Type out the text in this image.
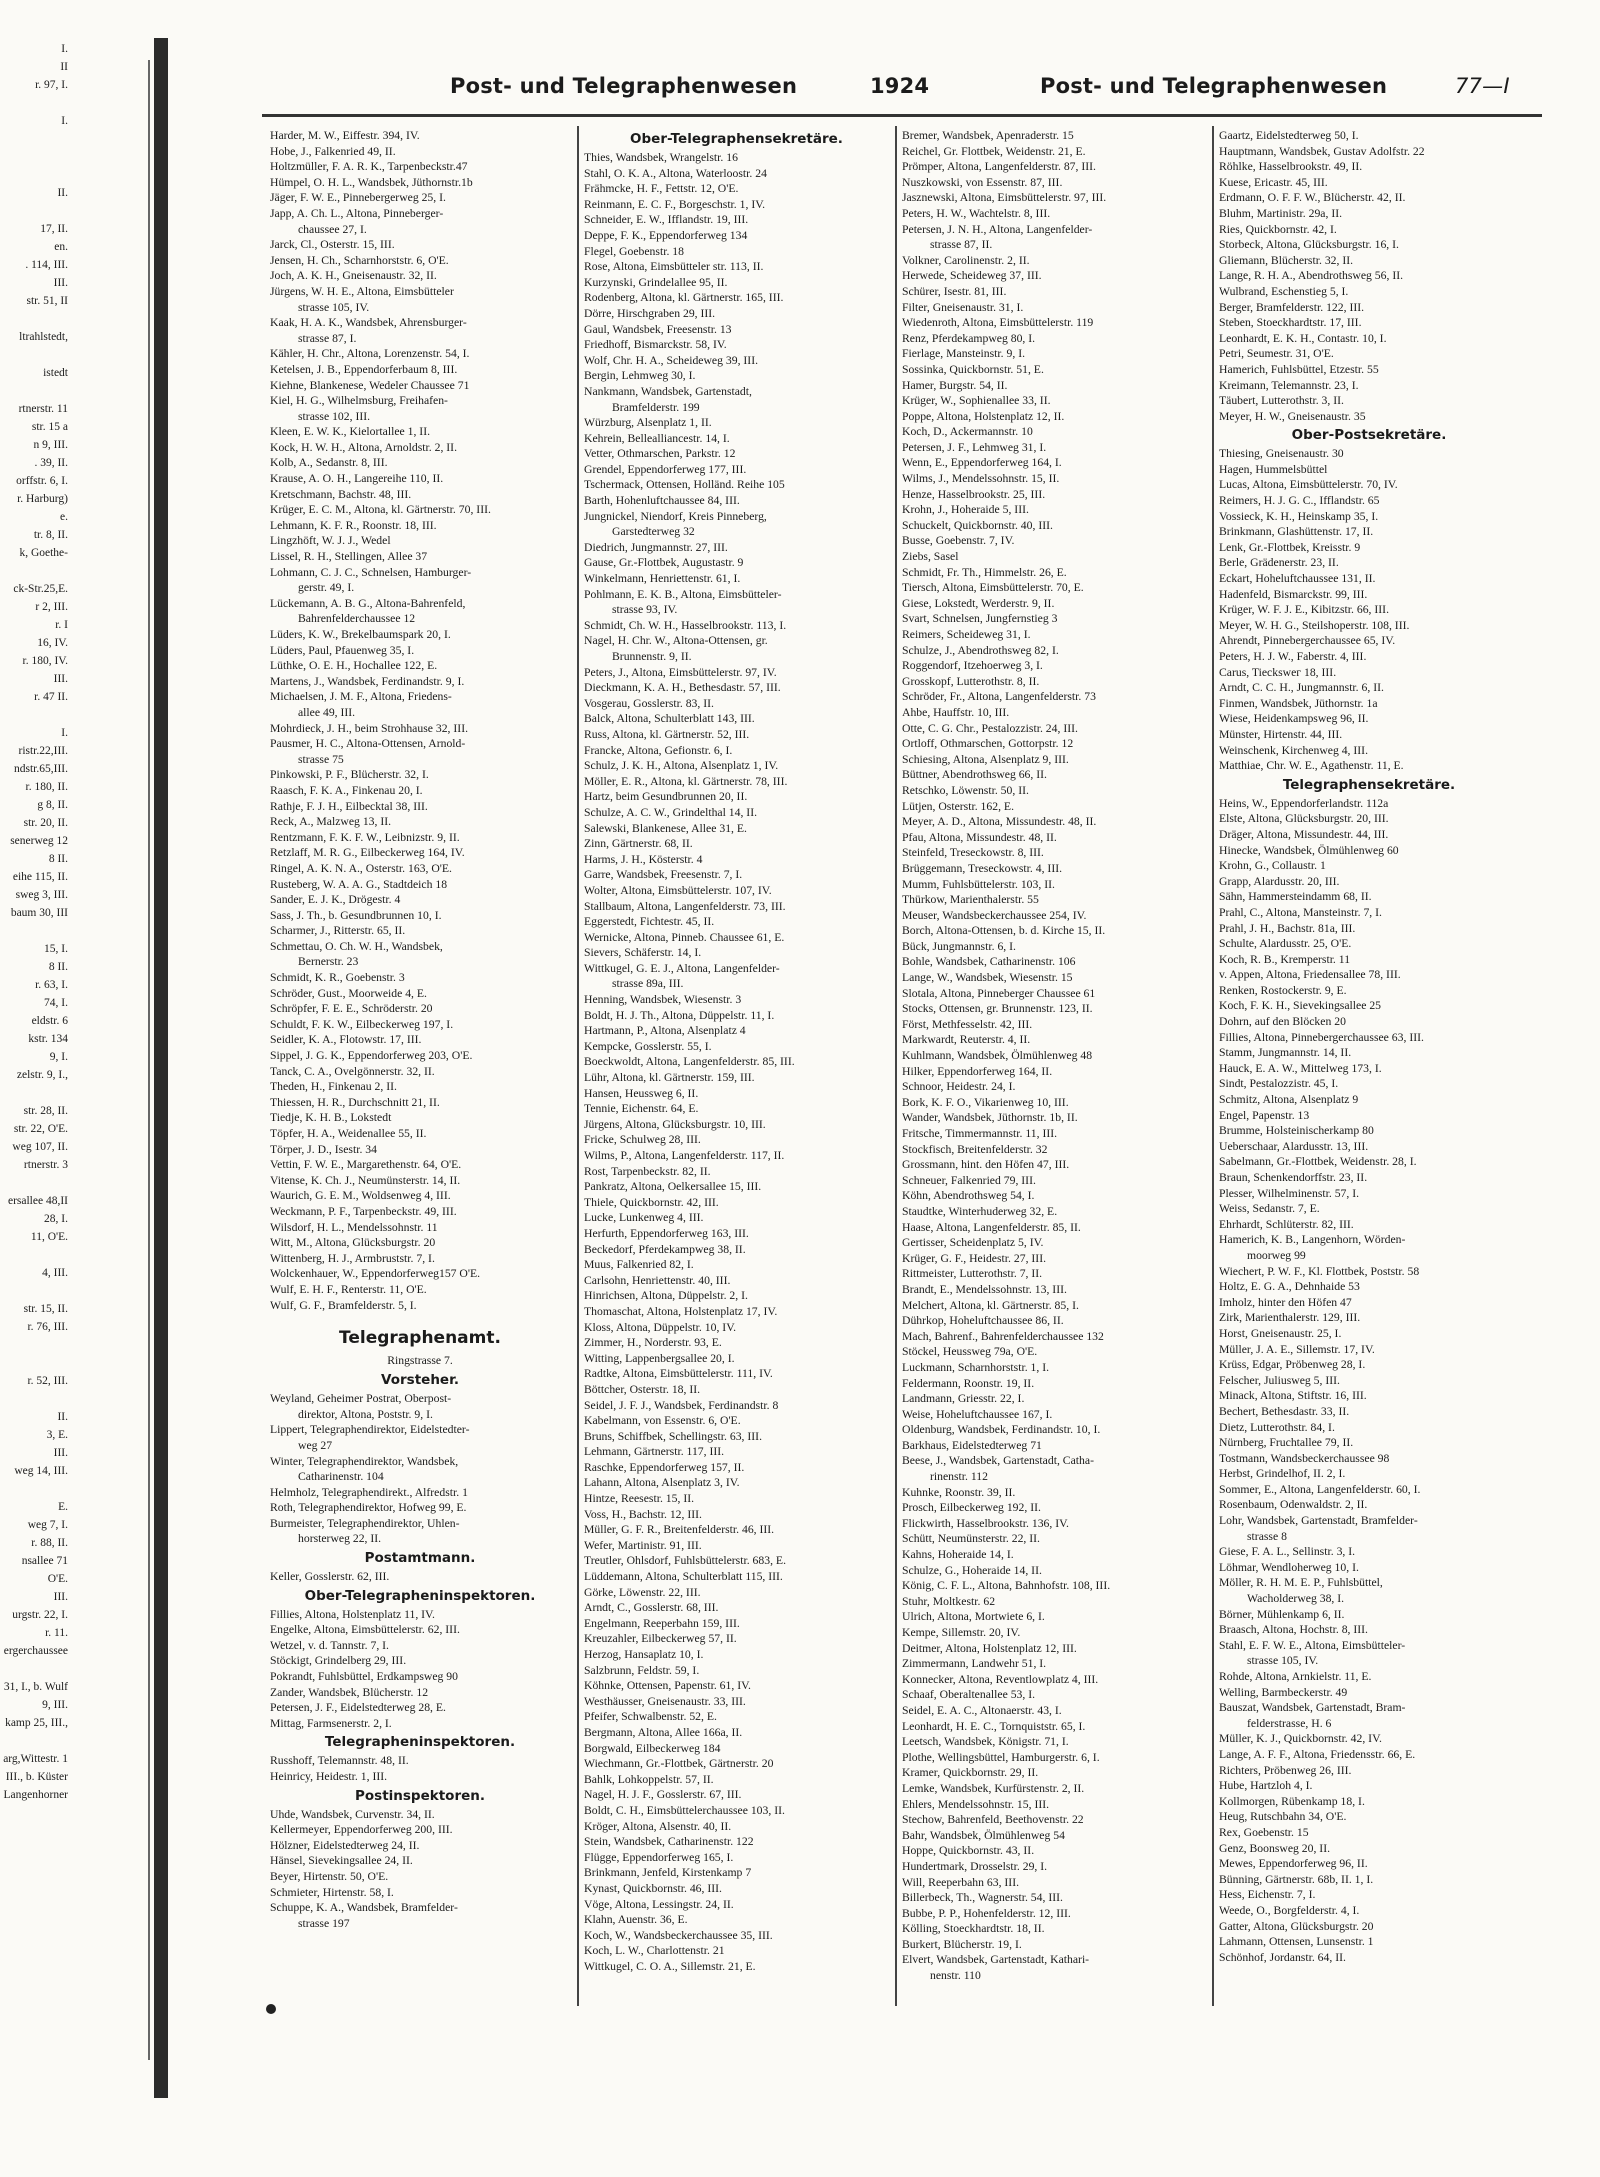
I.
II
r. 97, I.

I.

II.

17, II.
en.
. 114, III.
III.
str. 51, II

ltrahlstedt,

istedt

rtnerstr. 11
str. 15 a
n 9, III.
. 39, II.
orffstr. 6, I.
r. Harburg)
e.
tr. 8, II.
k, Goethe-

ck-Str.25,E.
r 2, III.
r. I
16, IV.
r. 180, IV.
III.
r. 47 II.

I.
ristr.22,III.
ndstr.65,III.
r. 180, II.
g 8, II.
str. 20, II.
senerweg 12
8 II.
eihe 115, II.
sweg 3, III.
baum 30, III

15, I.
8 II.
r. 63, I.
74, I.
eldstr. 6
kstr. 134
9, I.
zelstr. 9, I.,

str. 28, II.
str. 22, O'E.
weg 107, II.
rtnerstr. 3

ersallee 48,II
28, I.
11, O'E.

4, III.

str. 15, II.
r. 76, III.

r. 52, III.

II.
3, E.
III.
weg 14, III.

E.
weg 7, I.
r. 88, II.
nsallee 71
O'E.
III.
urgstr. 22, I.
r. 11.
ergerchaussee

31, I., b. Wulf
9, III.
kamp 25, III.,

arg,Wittestr. 1
III., b. Küster
Langenhorner
Post- und Telegraphenwesen	1924	Post- und Telegraphenwesen	77—I
Harder, M. W., Eiffestr. 394, IV.
Hobe, J., Falkenried 49, II.
Holtzmüller, F. A. R. K., Tarpenbeckstr.47
Hümpel, O. H. L., Wandsbek, Jüthornstr.1b
Jäger, F. W. E., Pinnebergerweg 25, I.
Japp, A. Ch. L., Altona, Pinneberger-
chaussee 27, I.
Jarck, Cl., Osterstr. 15, III.
Jensen, H. Ch., Scharnhorststr. 6, O'E.
Joch, A. K. H., Gneisenaustr. 32, II.
Jürgens, W. H. E., Altona, Eimsbütteler
strasse 105, IV.
Kaak, H. A. K., Wandsbek, Ahrensburger-
strasse 87, I.
Kähler, H. Chr., Altona, Lorenzenstr. 54, I.
Ketelsen, J. B., Eppendorferbaum 8, III.
Kiehne, Blankenese, Wedeler Chaussee 71
Kiel, H. G., Wilhelmsburg, Freihafen-
strasse 102, III.
Kleen, E. W. K., Kielortallee 1, II.
Kock, H. W. H., Altona, Arnoldstr. 2, II.
Kolb, A., Sedanstr. 8, III.
Krause, A. O. H., Langereihe 110, II.
Kretschmann, Bachstr. 48, III.
Krüger, E. C. M., Altona, kl. Gärtnerstr. 70, III.
Lehmann, K. F. R., Roonstr. 18, III.
Lingzhöft, W. J. J., Wedel
Lissel, R. H., Stellingen, Allee 37
Lohmann, C. J. C., Schnelsen, Hamburger-
gerstr. 49, I.
Lückemann, A. B. G., Altona-Bahrenfeld,
Bahrenfelderchaussee 12
Lüders, K. W., Brekelbaumspark 20, I.
Lüders, Paul, Pfauenweg 35, I.
Lüthke, O. E. H., Hochallee 122, E.
Martens, J., Wandsbek, Ferdinandstr. 9, I.
Michaelsen, J. M. F., Altona, Friedens-
allee 49, III.
Mohrdieck, J. H., beim Strohhause 32, III.
Pausmer, H. C., Altona-Ottensen, Arnold-
strasse 75
Pinkowski, P. F., Blücherstr. 32, I.
Raasch, F. K. A., Finkenau 20, I.
Rathje, F. J. H., Eilbecktal 38, III.
Reck, A., Malzweg 13, II.
Rentzmann, F. K. F. W., Leibnizstr. 9, II.
Retzlaff, M. R. G., Eilbeckerweg 164, IV.
Ringel, A. K. N. A., Osterstr. 163, O'E.
Rusteberg, W. A. A. G., Stadtdeich 18
Sander, E. J. K., Drögestr. 4
Sass, J. Th., b. Gesundbrunnen 10, I.
Scharmer, J., Ritterstr. 65, II.
Schmettau, O. Ch. W. H., Wandsbek,
Bernerstr. 23
Schmidt, K. R., Goebenstr. 3
Schröder, Gust., Moorweide 4, E.
Schröpfer, F. E. E., Schröderstr. 20
Schuldt, F. K. W., Eilbeckerweg 197, I.
Seidler, K. A., Flotowstr. 17, III.
Sippel, J. G. K., Eppendorferweg 203, O'E.
Tanck, C. A., Ovelgönnerstr. 32, II.
Theden, H., Finkenau 2, II.
Thiessen, H. R., Durchschnitt 21, II.
Tiedje, K. H. B., Lokstedt
Töpfer, H. A., Weidenallee 55, II.
Törper, J. D., Isestr. 34
Vettin, F. W. E., Margarethenstr. 64, O'E.
Vitense, K. Ch. J., Neumünsterstr. 14, II.
Waurich, G. E. M., Woldsenweg 4, III.
Weckmann, P. F., Tarpenbeckstr. 49, III.
Wilsdorf, H. L., Mendelssohnstr. 11
Witt, M., Altona, Glücksburgstr. 20
Wittenberg, H. J., Armbruststr. 7, I.
Wolckenhauer, W., Eppendorferweg157 O'E.
Wulf, E. H. F., Renterstr. 11, O'E.
Wulf, G. F., Bramfelderstr. 5, I.
Telegraphenamt.
Ringstrasse 7.
Vorsteher.
Weyland, Geheimer Postrat, Oberpost-
direktor, Altona, Poststr. 9, I.
Lippert, Telegraphendirektor, Eidelstedter-
weg 27
Winter, Telegraphendirektor, Wandsbek,
Catharinenstr. 104
Helmholz, Telegraphendirekt., Alfredstr. 1
Roth, Telegraphendirektor, Hofweg 99, E.
Burmeister, Telegraphendirektor, Uhlen-
horsterweg 22, II.
Postamtmann.
Keller, Gosslerstr. 62, III.
Ober-Telegrapheninspektoren.
Fillies, Altona, Holstenplatz 11, IV.
Engelke, Altona, Eimsbüttelerstr. 62, III.
Wetzel, v. d. Tannstr. 7, I.
Stöckigt, Grindelberg 29, III.
Pokrandt, Fuhlsbüttel, Erdkampsweg 90
Zander, Wandsbek, Blücherstr. 12
Petersen, J. F., Eidelstedterweg 28, E.
Mittag, Farmsenerstr. 2, I.
Telegrapheninspektoren.
Russhoff, Telemannstr. 48, II.
Heinricy, Heidestr. 1, III.
Postinspektoren.
Uhde, Wandsbek, Curvenstr. 34, II.
Kellermeyer, Eppendorferweg 200, III.
Hölzner, Eidelstedterweg 24, II.
Hänsel, Sievekingsallee 24, II.
Beyer, Hirtenstr. 50, O'E.
Schmieter, Hirtenstr. 58, I.
Schuppe, K. A., Wandsbek, Bramfelder-
strasse 197
Ober-Telegraphensekretäre.
Thies, Wandsbek, Wrangelstr. 16
Stahl, O. K. A., Altona, Waterloostr. 24
Frähmcke, H. F., Fettstr. 12, O'E.
Reinmann, E. C. F., Borgeschstr. 1, IV.
Schneider, E. W., Ifflandstr. 19, III.
Deppe, F. K., Eppendorferweg 134
Flegel, Goebenstr. 18
Rose, Altona, Eimsbütteler str. 113, II.
Kurzynski, Grindelallee 95, II.
Rodenberg, Altona, kl. Gärtnerstr. 165, III.
Dörre, Hirschgraben 29, III.
Gaul, Wandsbek, Freesenstr. 13
Friedhoff, Bismarckstr. 58, IV.
Wolf, Chr. H. A., Scheideweg 39, III.
Bergin, Lehmweg 30, I.
Nankmann, Wandsbek, Gartenstadt,
Bramfelderstr. 199
Würzburg, Alsenplatz 1, II.
Kehrein, Bellealliancestr. 14, I.
Vetter, Othmarschen, Parkstr. 12
Grendel, Eppendorferweg 177, III.
Tschermack, Ottensen, Holländ. Reihe 105
Barth, Hohenluftchaussee 84, III.
Jungnickel, Niendorf, Kreis Pinneberg,
Garstedterweg 32
Diedrich, Jungmannstr. 27, III.
Gause, Gr.-Flottbek, Augustastr. 9
Winkelmann, Henriettenstr. 61, I.
Pohlmann, E. K. B., Altona, Eimsbütteler-
strasse 93, IV.
Schmidt, Ch. W. H., Hasselbrookstr. 113, I.
Nagel, H. Chr. W., Altona-Ottensen, gr.
Brunnenstr. 9, II.
Peters, J., Altona, Eimsbüttelerstr. 97, IV.
Dieckmann, K. A. H., Bethesdastr. 57, III.
Vosgerau, Gosslerstr. 83, II.
Balck, Altona, Schulterblatt 143, III.
Russ, Altona, kl. Gärtnerstr. 52, III.
Francke, Altona, Gefionstr. 6, I.
Schulz, J. K. H., Altona, Alsenplatz 1, IV.
Möller, E. R., Altona, kl. Gärtnerstr. 78, III.
Hartz, beim Gesundbrunnen 20, II.
Schulze, A. C. W., Grindelthal 14, II.
Salewski, Blankenese, Allee 31, E.
Zinn, Gärtnerstr. 68, II.
Harms, J. H., Kösterstr. 4
Garre, Wandsbek, Freesenstr. 7, I.
Wolter, Altona, Eimsbüttelerstr. 107, IV.
Stallbaum, Altona, Langenfelderstr. 73, III.
Eggerstedt, Fichtestr. 45, II.
Wernicke, Altona, Pinneb. Chaussee 61, E.
Sievers, Schäferstr. 14, I.
Wittkugel, G. E. J., Altona, Langenfelder-
strasse 89a, III.
Henning, Wandsbek, Wiesenstr. 3
Boldt, H. J. Th., Altona, Düppelstr. 11, I.
Hartmann, P., Altona, Alsenplatz 4
Kempcke, Gosslerstr. 55, I.
Boeckwoldt, Altona, Langenfelderstr. 85, III.
Lühr, Altona, kl. Gärtnerstr. 159, III.
Hansen, Heussweg 6, II.
Tennie, Eichenstr. 64, E.
Jürgens, Altona, Glücksburgstr. 10, III.
Fricke, Schulweg 28, III.
Wilms, P., Altona, Langenfelderstr. 117, II.
Rost, Tarpenbeckstr. 82, II.
Pankratz, Altona, Oelkersallee 15, III.
Thiele, Quickbornstr. 42, III.
Lucke, Lunkenweg 4, III.
Herfurth, Eppendorferweg 163, III.
Beckedorf, Pferdekampweg 38, II.
Muus, Falkenried 82, I.
Carlsohn, Henriettenstr. 40, III.
Hinrichsen, Altona, Düppelstr. 2, I.
Thomaschat, Altona, Holstenplatz 17, IV.
Kloss, Altona, Düppelstr. 10, IV.
Zimmer, H., Norderstr. 93, E.
Witting, Lappenbergsallee 20, I.
Radtke, Altona, Eimsbüttelerstr. 111, IV.
Böttcher, Osterstr. 18, II.
Seidel, J. F. J., Wandsbek, Ferdinandstr. 8
Kabelmann, von Essenstr. 6, O'E.
Bruns, Schiffbek, Schellingstr. 63, III.
Lehmann, Gärtnerstr. 117, III.
Raschke, Eppendorferweg 157, II.
Lahann, Altona, Alsenplatz 3, IV.
Hintze, Reesestr. 15, II.
Voss, H., Bachstr. 12, III.
Müller, G. F. R., Breitenfelderstr. 46, III.
Wefer, Martinistr. 91, III.
Treutler, Ohlsdorf, Fuhlsbüttelerstr. 683, E.
Lüddemann, Altona, Schulterblatt 115, III.
Görke, Löwenstr. 22, III.
Arndt, C., Gosslerstr. 68, III.
Engelmann, Reeperbahn 159, III.
Kreuzahler, Eilbeckerweg 57, II.
Herzog, Hansaplatz 10, I.
Salzbrunn, Feldstr. 59, I.
Köhnke, Ottensen, Papenstr. 61, IV.
Westhäusser, Gneisenaustr. 33, III.
Pfeifer, Schwalbenstr. 52, E.
Bergmann, Altona, Allee 166a, II.
Borgwald, Eilbeckerweg 184
Wiechmann, Gr.-Flottbek, Gärtnerstr. 20
Bahlk, Lohkoppelstr. 57, II.
Nagel, H. J. F., Gosslerstr. 67, III.
Boldt, C. H., Eimsbüttelerchaussee 103, II.
Kröger, Altona, Alsenstr. 40, II.
Stein, Wandsbek, Catharinenstr. 122
Flügge, Eppendorferweg 165, I.
Brinkmann, Jenfeld, Kirstenkamp 7
Kynast, Quickbornstr. 46, III.
Vöge, Altona, Lessingstr. 24, II.
Klahn, Auenstr. 36, E.
Koch, W., Wandsbeckerchaussee 35, III.
Koch, L. W., Charlottenstr. 21
Wittkugel, C. O. A., Sillemstr. 21, E.
Bremer, Wandsbek, Apenraderstr. 15
Reichel, Gr. Flottbek, Weidenstr. 21, E.
Prömper, Altona, Langenfelderstr. 87, III.
Nuszkowski, von Essenstr. 87, III.
Jasznewski, Altona, Eimsbüttelerstr. 97, III.
Peters, H. W., Wachtelstr. 8, III.
Petersen, J. N. H., Altona, Langenfelder-
strasse 87, II.
Volkner, Carolinenstr. 2, II.
Herwede, Scheideweg 37, III.
Schürer, Isestr. 81, III.
Filter, Gneisenaustr. 31, I.
Wiedenroth, Altona, Eimsbüttelerstr. 119
Renz, Pferdekampweg 80, I.
Fierlage, Mansteinstr. 9, I.
Sossinka, Quickbornstr. 51, E.
Hamer, Burgstr. 54, II.
Krüger, W., Sophienallee 33, II.
Poppe, Altona, Holstenplatz 12, II.
Koch, D., Ackermannstr. 10
Petersen, J. F., Lehmweg 31, I.
Wenn, E., Eppendorferweg 164, I.
Wilms, J., Mendelssohnstr. 15, II.
Henze, Hasselbrookstr. 25, III.
Krohn, J., Hoheraide 5, III.
Schuckelt, Quickbornstr. 40, III.
Busse, Goebenstr. 7, IV.
Ziebs, Sasel
Schmidt, Fr. Th., Himmelstr. 26, E.
Tiersch, Altona, Eimsbüttelerstr. 70, E.
Giese, Lokstedt, Werderstr. 9, II.
Svart, Schnelsen, Jungfernstieg 3
Reimers, Scheideweg 31, I.
Schulze, J., Abendrothsweg 82, I.
Roggendorf, Itzehoerweg 3, I.
Grosskopf, Lutterothstr. 8, II.
Schröder, Fr., Altona, Langenfelderstr. 73
Ahbe, Hauffstr. 10, III.
Otte, C. G. Chr., Pestalozzistr. 24, III.
Ortloff, Othmarschen, Gottorpstr. 12
Schiesing, Altona, Alsenplatz 9, III.
Büttner, Abendrothsweg 66, II.
Retschko, Löwenstr. 50, II.
Lütjen, Osterstr. 162, E.
Meyer, A. D., Altona, Missundestr. 48, II.
Pfau, Altona, Missundestr. 48, II.
Steinfeld, Treseckowstr. 8, III.
Brüggemann, Treseckowstr. 4, III.
Mumm, Fuhlsbüttelerstr. 103, II.
Thürkow, Marienthalerstr. 55
Meuser, Wandsbeckerchaussee 254, IV.
Borch, Altona-Ottensen, b. d. Kirche 15, II.
Bück, Jungmannstr. 6, I.
Bohle, Wandsbek, Catharinenstr. 106
Lange, W., Wandsbek, Wiesenstr. 15
Slotala, Altona, Pinneberger Chaussee 61
Stocks, Ottensen, gr. Brunnenstr. 123, II.
Först, Methfesselstr. 42, III.
Markwardt, Reuterstr. 4, II.
Kuhlmann, Wandsbek, Ölmühlenweg 48
Hilker, Eppendorferweg 164, II.
Schnoor, Heidestr. 24, I.
Bork, K. F. O., Vikarienweg 10, III.
Wander, Wandsbek, Jüthornstr. 1b, II.
Fritsche, Timmermannstr. 11, III.
Stockfisch, Breitenfelderstr. 32
Grossmann, hint. den Höfen 47, III.
Schneuer, Falkenried 79, III.
Köhn, Abendrothsweg 54, I.
Staudtke, Winterhuderweg 32, E.
Haase, Altona, Langenfelderstr. 85, II.
Gertisser, Scheidenplatz 5, IV.
Krüger, G. F., Heidestr. 27, III.
Rittmeister, Lutterothstr. 7, II.
Brandt, E., Mendelssohnstr. 13, III.
Melchert, Altona, kl. Gärtnerstr. 85, I.
Dührkop, Hoheluftchaussee 86, II.
Mach, Bahrenf., Bahrenfelderchaussee 132
Stöckel, Heussweg 79a, O'E.
Luckmann, Scharnhorststr. 1, I.
Feldermann, Roonstr. 19, II.
Landmann, Griesstr. 22, I.
Weise, Hoheluftchaussee 167, I.
Oldenburg, Wandsbek, Ferdinandstr. 10, I.
Barkhaus, Eidelstedterweg 71
Beese, J., Wandsbek, Gartenstadt, Catha-
rinenstr. 112
Kuhnke, Roonstr. 39, II.
Prosch, Eilbeckerweg 192, II.
Flickwirth, Hasselbrookstr. 136, IV.
Schütt, Neumünsterstr. 22, II.
Kahns, Hoheraide 14, I.
Schulze, G., Hoheraide 14, II.
König, C. F. L., Altona, Bahnhofstr. 108, III.
Stuhr, Moltkestr. 62
Ulrich, Altona, Mortwiete 6, I.
Kempe, Sillemstr. 20, IV.
Deitmer, Altona, Holstenplatz 12, III.
Zimmermann, Landwehr 51, I.
Konnecker, Altona, Reventlowplatz 4, III.
Schaaf, Oberaltenallee 53, I.
Seidel, E. A. C., Altonaerstr. 43, I.
Leonhardt, H. E. C., Tornquiststr. 65, I.
Leetsch, Wandsbek, Königstr. 71, I.
Plothe, Wellingsbüttel, Hamburgerstr. 6, I.
Kramer, Quickbornstr. 29, II.
Lemke, Wandsbek, Kurfürstenstr. 2, II.
Ehlers, Mendelssohnstr. 15, III.
Stechow, Bahrenfeld, Beethovenstr. 22
Bahr, Wandsbek, Ölmühlenweg 54
Hoppe, Quickbornstr. 43, II.
Hundertmark, Drosselstr. 29, I.
Will, Reeperbahn 63, III.
Billerbeck, Th., Wagnerstr. 54, III.
Bubbe, P. P., Hohenfelderstr. 12, III.
Kölling, Stoeckhardtstr. 18, II.
Burkert, Blücherstr. 19, I.
Elvert, Wandsbek, Gartenstadt, Kathari-
nenstr. 110
Gaartz, Eidelstedterweg 50, I.
Hauptmann, Wandsbek, Gustav Adolfstr. 22
Röhlke, Hasselbrookstr. 49, II.
Kuese, Ericastr. 45, III.
Erdmann, O. F. F. W., Blücherstr. 42, II.
Bluhm, Martinistr. 29a, II.
Ries, Quickbornstr. 42, I.
Storbeck, Altona, Glücksburgstr. 16, I.
Gliemann, Blücherstr. 32, II.
Lange, R. H. A., Abendrothsweg 56, II.
Wulbrand, Eschenstieg 5, I.
Berger, Bramfelderstr. 122, III.
Steben, Stoeckhardtstr. 17, III.
Leonhardt, E. K. H., Contastr. 10, I.
Petri, Seumestr. 31, O'E.
Hamerich, Fuhlsbüttel, Etzestr. 55
Kreimann, Telemannstr. 23, I.
Täubert, Lutterothstr. 3, II.
Meyer, H. W., Gneisenaustr. 35
Ober-Postsekretäre.
Thiesing, Gneisenaustr. 30
Hagen, Hummelsbüttel
Lucas, Altona, Eimsbüttelerstr. 70, IV.
Reimers, H. J. G. C., Ifflandstr. 65
Vossieck, K. H., Heinskamp 35, I.
Brinkmann, Glashüttenstr. 17, II.
Lenk, Gr.-Flottbek, Kreisstr. 9
Berle, Grädenerstr. 23, II.
Eckart, Hoheluftchaussee 131, II.
Hadenfeld, Bismarckstr. 99, III.
Krüger, W. F. J. E., Kibitzstr. 66, III.
Meyer, W. H. G., Steilshoperstr. 108, III.
Ahrendt, Pinnebergerchaussee 65, IV.
Peters, H. J. W., Faberstr. 4, III.
Carus, Tieckswег 18, III.
Arndt, C. C. H., Jungmannstr. 6, II.
Finmen, Wandsbek, Jüthornstr. 1a
Wiese, Heidenkampsweg 96, II.
Münster, Hirtenstr. 44, III.
Weinschenk, Kirchenweg 4, III.
Matthiae, Chr. W. E., Agathenstr. 11, E.
Telegraphensekretäre.
Heins, W., Eppendorferlandstr. 112a
Elste, Altona, Glücksburgstr. 20, III.
Dräger, Altona, Missundestr. 44, III.
Hinecke, Wandsbek, Ölmühlenweg 60
Krohn, G., Collaustr. 1
Grapp, Alardusstr. 20, III.
Sähn, Hammersteindamm 68, II.
Prahl, C., Altona, Mansteinstr. 7, I.
Prahl, J. H., Bachstr. 81a, III.
Schulte, Alardusstr. 25, O'E.
Koch, R. B., Kremperstr. 11
v. Appen, Altona, Friedensallee 78, III.
Renken, Rostockerstr. 9, E.
Koch, F. K. H., Sievekingsallee 25
Dohrn, auf den Blöcken 20
Fillies, Altona, Pinnebergerchaussee 63, III.
Stamm, Jungmannstr. 14, II.
Hauck, E. A. W., Mittelweg 173, I.
Sindt, Pestalozzistr. 45, I.
Schmitz, Altona, Alsenplatz 9
Engel, Papenstr. 13
Brumme, Holsteinischerkamp 80
Ueberschaar, Alardusstr. 13, III.
Sabelmann, Gr.-Flottbek, Weidenstr. 28, I.
Braun, Schenkendorffstr. 23, II.
Plesser, Wilhelminenstr. 57, I.
Weiss, Sedanstr. 7, E.
Ehrhardt, Schlüterstr. 82, III.
Hamerich, K. B., Langenhorn, Wörden-
moorweg 99
Wiechert, P. W. F., Kl. Flottbek, Poststr. 58
Holtz, E. G. A., Dehnhaide 53
Imholz, hinter den Höfen 47
Zirk, Marienthalerstr. 129, III.
Horst, Gneisenaustr. 25, I.
Müller, J. A. E., Sillemstr. 17, IV.
Krüss, Edgar, Pröbenweg 28, I.
Felscher, Juliusweg 5, III.
Minack, Altona, Stiftstr. 16, III.
Bechert, Bethesdastr. 33, II.
Dietz, Lutterothstr. 84, I.
Nürnberg, Fruchtallee 79, II.
Tostmann, Wandsbeckerchaussee 98
Herbst, Grindelhof, II. 2, I.
Sommer, E., Altona, Langenfelderstr. 60, I.
Rosenbaum, Odenwaldstr. 2, II.
Lohr, Wandsbek, Gartenstadt, Bramfelder-
strasse 8
Giese, F. A. L., Sellinstr. 3, I.
Löhmar, Wendloherweg 10, I.
Möller, R. H. M. E. P., Fuhlsbüttel,
Wacholderweg 38, I.
Börner, Mühlenkamp 6, II.
Braasch, Altona, Hochstr. 8, III.
Stahl, E. F. W. E., Altona, Eimsbütteler-
strasse 105, IV.
Rohde, Altona, Arnkielstr. 11, E.
Welling, Barmbeckerstr. 49
Bauszat, Wandsbek, Gartenstadt, Bram-
felderstrasse, H. 6
Müller, K. J., Quickbornstr. 42, IV.
Lange, A. F. F., Altona, Friedensstr. 66, E.
Richters, Pröbenweg 26, III.
Hube, Hartzloh 4, I.
Kollmorgen, Rübenkamp 18, I.
Heug, Rutschbahn 34, O'E.
Rex, Goebenstr. 15
Genz, Boonsweg 20, II.
Mewes, Eppendorferweg 96, II.
Bünning, Gärtnerstr. 68b, II. 1, I.
Hess, Eichenstr. 7, I.
Weede, O., Borgfelderstr. 4, I.
Gatter, Altona, Glücksburgstr. 20
Lahmann, Ottensen, Lunsenstr. 1
Schönhof, Jordanstr. 64, II.
